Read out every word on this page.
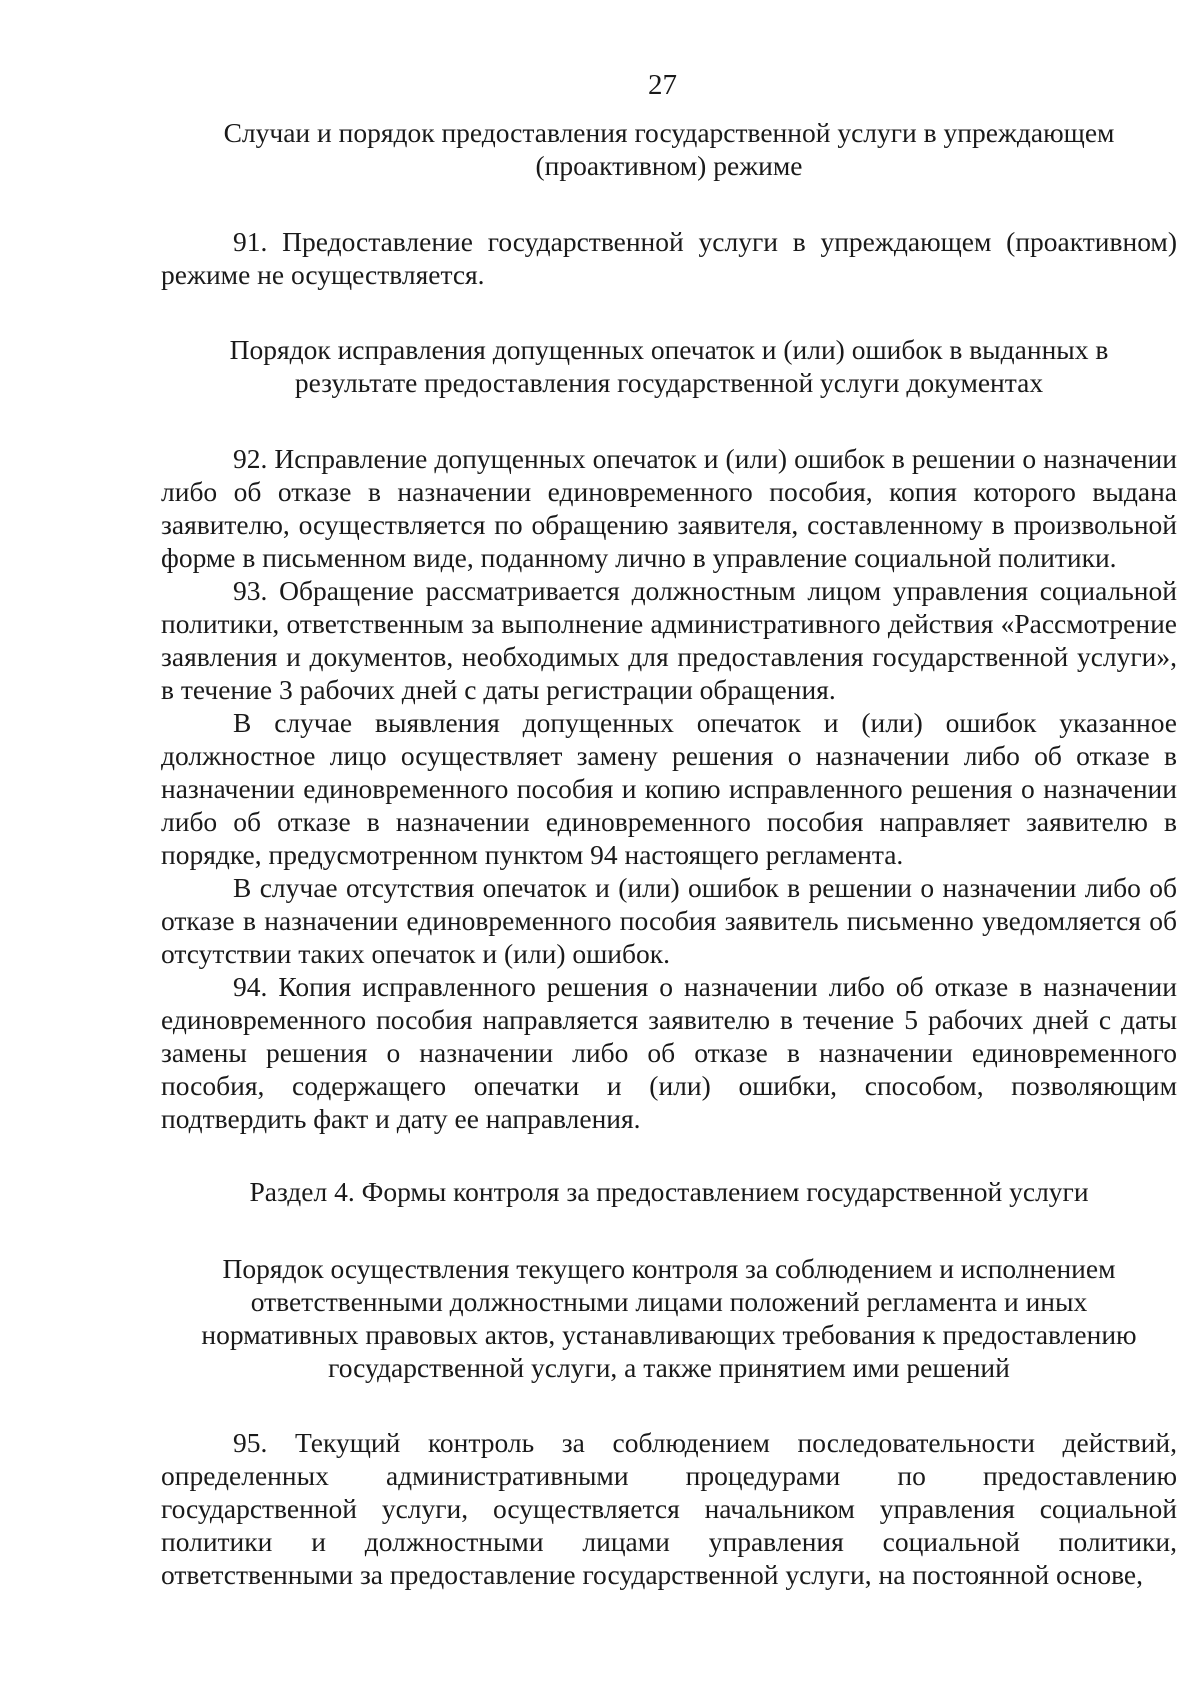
27
Случаи и порядок предоставления государственной услуги в упреждающем
(проактивном) режиме

91. Предоставление государственной услуги в упреждающем (проактивном) режиме не осуществляется.

Порядок исправления допущенных опечаток и (или) ошибок в выданных в
результате предоставления государственной услуги документах

92. Исправление допущенных опечаток и (или) ошибок в решении о назначении либо об отказе в назначении единовременного пособия, копия которого выдана заявителю, осуществляется по обращению заявителя, составленному в произвольной форме в письменном виде, поданному лично в управление социальной политики.

93. Обращение рассматривается должностным лицом управления социальной политики, ответственным за выполнение административного действия «Рассмотрение заявления и документов, необходимых для предоставления государственной услуги», в течение 3 рабочих дней с даты регистрации обращения.

В случае выявления допущенных опечаток и (или) ошибок указанное должностное лицо осуществляет замену решения о назначении либо об отказе в назначении единовременного пособия и копию исправленного решения о назначении либо об отказе в назначении единовременного пособия направляет заявителю в порядке, предусмотренном пунктом 94 настоящего регламента.

В случае отсутствия опечаток и (или) ошибок в решении о назначении либо об отказе в назначении единовременного пособия заявитель письменно уведомляется об отсутствии таких опечаток и (или) ошибок.

94. Копия исправленного решения о назначении либо об отказе в назначении единовременного пособия направляется заявителю в течение 5 рабочих дней с даты замены решения о назначении либо об отказе в назначении единовременного пособия, содержащего опечатки и (или) ошибки, способом, позволяющим подтвердить факт и дату ее направления.

Раздел 4. Формы контроля за предоставлением государственной услуги
Порядок осуществления текущего контроля за соблюдением и исполнением
ответственными должностными лицами положений регламента и иных
нормативных правовых актов, устанавливающих требования к предоставлению
государственной услуги, а также принятием ими решений

95. Текущий контроль за соблюдением последовательности действий, определенных административными процедурами по предоставлению государственной услуги, осуществляется начальником управления социальной политики и должностными лицами управления социальной политики, ответственными за предоставление государственной услуги, на постоянной основе,
